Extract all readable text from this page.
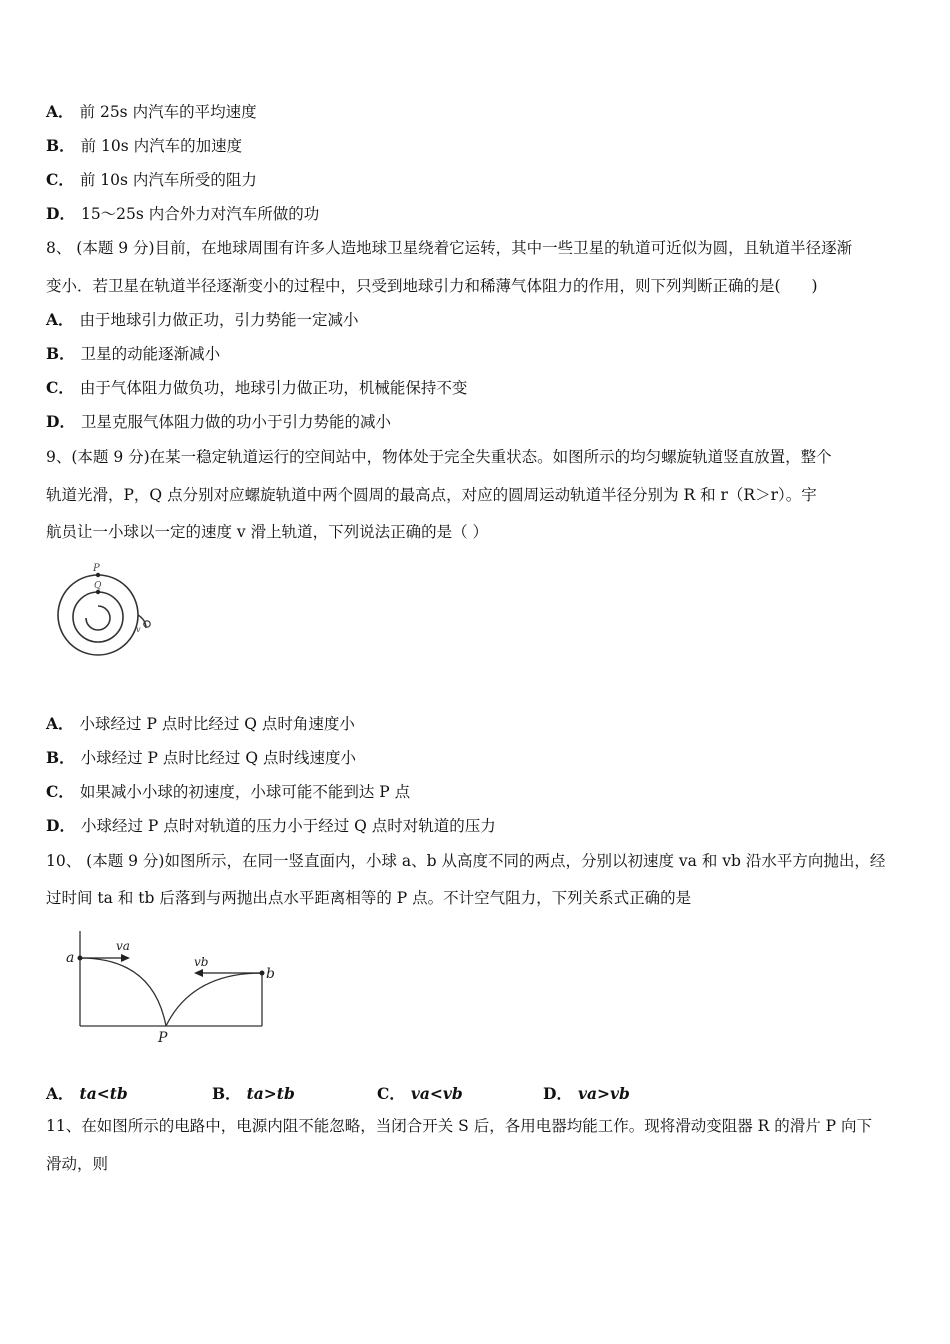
A． 前 25s 内汽车的平均速度
B． 前 10s 内汽车的加速度
C． 前 10s 内汽车所受的阻力
D． 15～25s 内合外力对汽车所做的功
8、 (本题 9 分)目前，在地球周围有许多人造地球卫星绕着它运转，其中一些卫星的轨道可近似为圆，且轨道半径逐渐
变小．若卫星在轨道半径逐渐变小的过程中，只受到地球引力和稀薄气体阻力的作用，则下列判断正确的是(　　)
A． 由于地球引力做正功，引力势能一定减小
B． 卫星的动能逐渐减小
C． 由于气体阻力做负功，地球引力做正功，机械能保持不变
D． 卫星克服气体阻力做的功小于引力势能的减小
9、(本题 9 分)在某一稳定轨道运行的空间站中，物体处于完全失重状态。如图所示的均匀螺旋轨道竖直放置，整个
轨道光滑，P，Q 点分别对应螺旋轨道中两个圆周的最高点，对应的圆周运动轨道半径分别为 R 和 r（R＞r）。宇
航员让一小球以一定的速度 v 滑上轨道，下列说法正确的是（ ）
P
Q
v
A． 小球经过 P 点时比经过 Q 点时角速度小
B． 小球经过 P 点时比经过 Q 点时线速度小
C． 如果减小小球的初速度，小球可能不能到达 P 点
D． 小球经过 P 点时对轨道的压力小于经过 Q 点时对轨道的压力
10、 (本题 9 分)如图所示，在同一竖直面内，小球 a、b 从高度不同的两点，分别以初速度 va 和 vb 沿水平方向抛出，经
过时间 ta 和 tb 后落到与两抛出点水平距离相等的 P 点。不计空气阻力，下列关系式正确的是
a
b
P
va
vb
A． ta<tb	B． ta>tb	C． va<vb	D． va>vb
11、在如图所示的电路中，电源内阻不能忽略，当闭合开关 S 后，各用电器均能工作。现将滑动变阻器 R 的滑片 P 向下
滑动，则
